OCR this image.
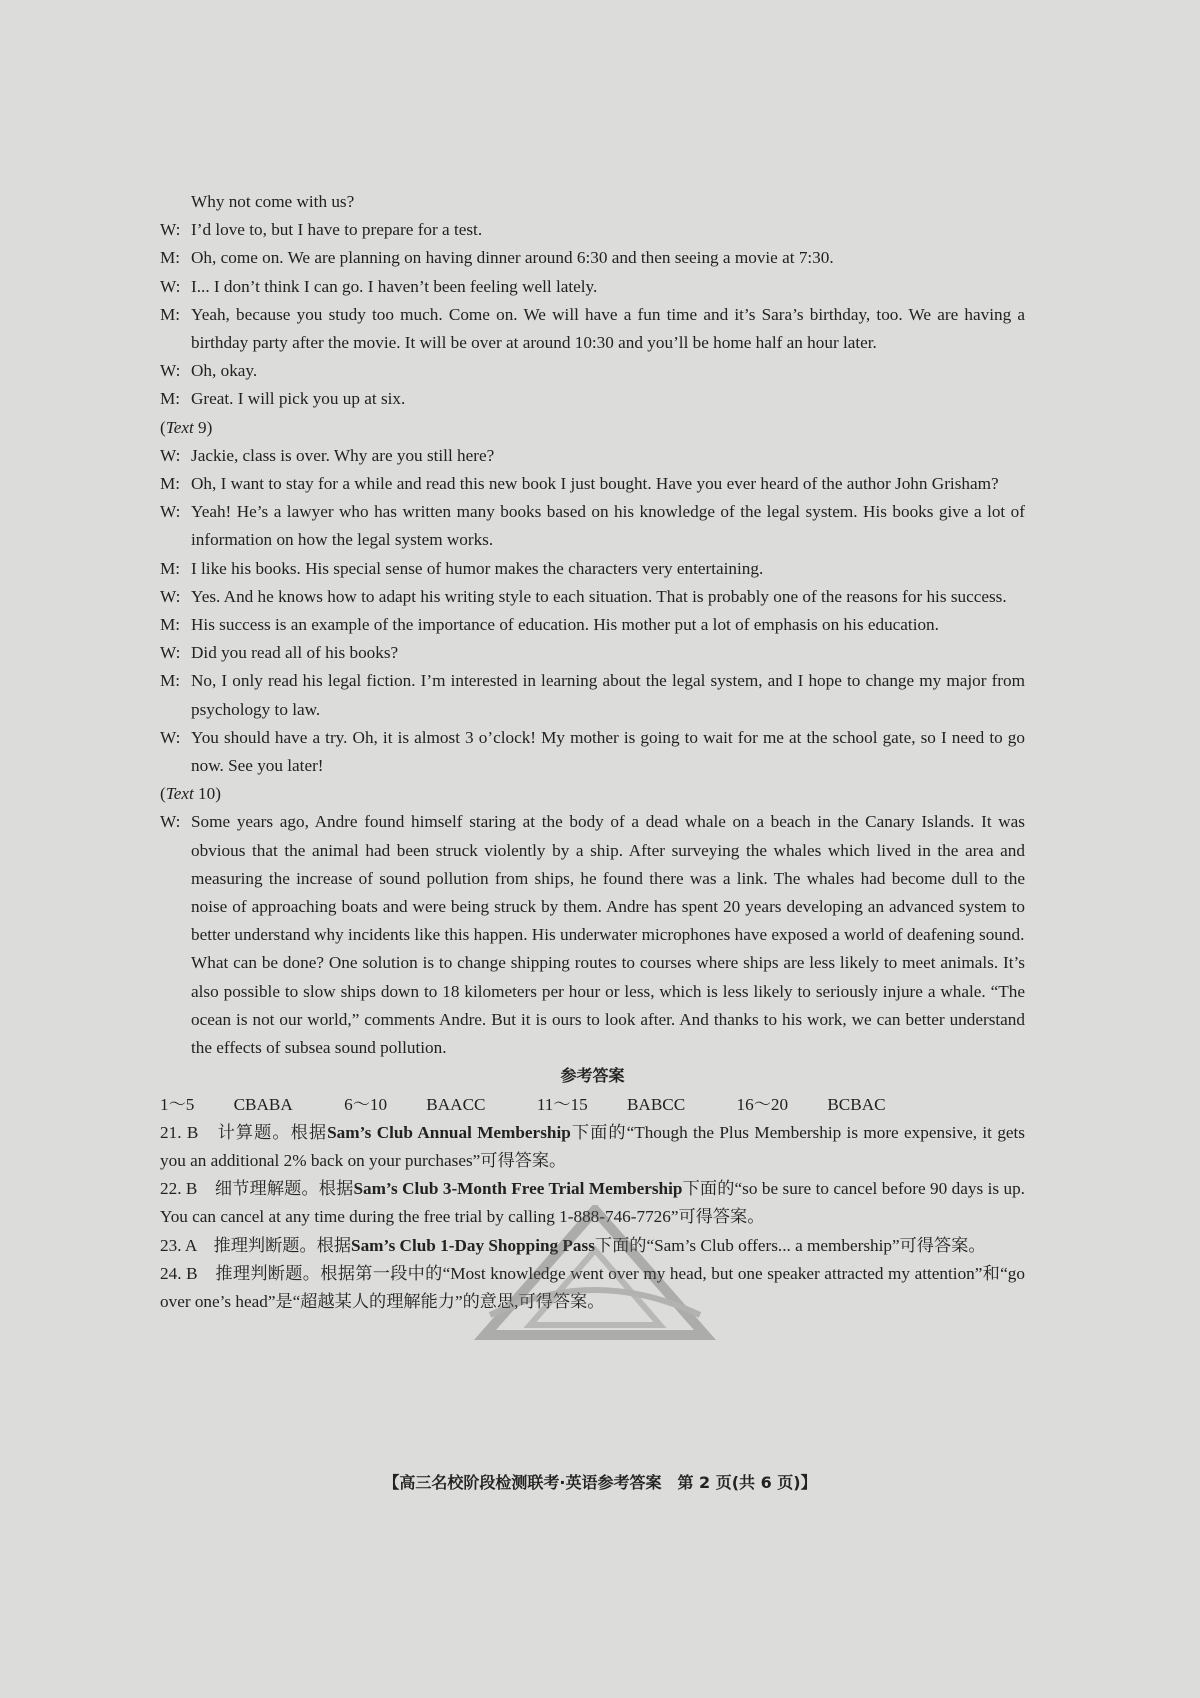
Why not come with us?
W: I’d love to, but I have to prepare for a test.
M: Oh, come on. We are planning on having dinner around 6:30 and then seeing a movie at 7:30.
W: I... I don’t think I can go. I haven’t been feeling well lately.
M: Yeah, because you study too much. Come on. We will have a fun time and it’s Sara’s birthday, too. We are having a birthday party after the movie. It will be over at around 10:30 and you’ll be home half an hour later.
W: Oh, okay.
M: Great. I will pick you up at six.
(Text 9)
W: Jackie, class is over. Why are you still here?
M: Oh, I want to stay for a while and read this new book I just bought. Have you ever heard of the author John Grisham?
W: Yeah! He’s a lawyer who has written many books based on his knowledge of the legal system. His books give a lot of information on how the legal system works.
M: I like his books. His special sense of humor makes the characters very entertaining.
W: Yes. And he knows how to adapt his writing style to each situation. That is probably one of the reasons for his success.
M: His success is an example of the importance of education. His mother put a lot of emphasis on his education.
W: Did you read all of his books?
M: No, I only read his legal fiction. I’m interested in learning about the legal system, and I hope to change my major from psychology to law.
W: You should have a try. Oh, it is almost 3 o’clock! My mother is going to wait for me at the school gate, so I need to go now. See you later!
(Text 10)
W: Some years ago, Andre found himself staring at the body of a dead whale on a beach in the Canary Islands. It was obvious that the animal had been struck violently by a ship. After surveying the whales which lived in the area and measuring the increase of sound pollution from ships, he found there was a link. The whales had become dull to the noise of approaching boats and were being struck by them. Andre has spent 20 years developing an advanced system to better understand why incidents like this happen. His underwater microphones have exposed a world of deafening sound.
What can be done? One solution is to change shipping routes to courses where ships are less likely to meet animals. It’s also possible to slow ships down to 18 kilometers per hour or less, which is less likely to seriously injure a whale. “The ocean is not our world,” comments Andre. But it is ours to look after. And thanks to his work, we can better understand the effects of subsea sound pollution.
参考答案
1～5　 CBABA	6～10　 BAACC	11～15　 BABCC	16～20　 BCBAC
21. B　 计算题。根据Sam’s Club Annual Membership下面的“Though the Plus Membership is more expensive, it gets you an additional 2% back on your purchases”可得答案。
22. B　 细节理解题。根据Sam’s Club 3-Month Free Trial Membership下面的“so be sure to cancel before 90 days is up. You can cancel at any time during the free trial by calling 1-888-746-7726”可得答案。
23. A　 推理判断题。根据Sam’s Club 1-Day Shopping Pass下面的“Sam’s Club offers... a membership”可得答案。
24. B　 推理判断题。根据第一段中的“Most knowledge went over my head, but one speaker attracted my attention”和“go over one’s head”是“超越某人的理解能力”的意思,可得答案。
【高三名校阶段检测联考·英语参考答案　第 2 页(共 6 页)】
